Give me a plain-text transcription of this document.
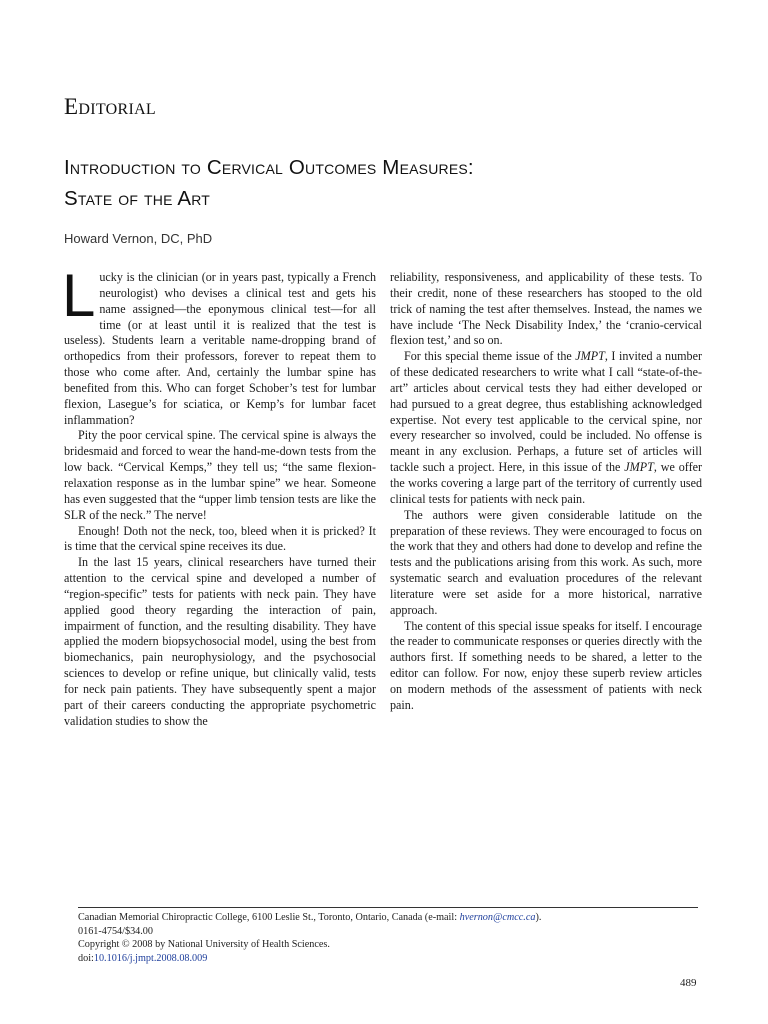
Editorial
Introduction to Cervical Outcomes Measures:
State of the Art
Howard Vernon, DC, PhD

Lucky is the clinician (or in years past, typically a French neurologist) who devises a clinical test and gets his name assigned—the eponymous clinical test—for all time (or at least until it is realized that the test is useless). Students learn a veritable name-dropping brand of orthopedics from their professors, forever to repeat them to those who come after. And, certainly the lumbar spine has benefited from this. Who can forget Schober’s test for lumbar flexion, Lasegue’s for sciatica, or Kemp’s for lumbar facet inflammation?

Pity the poor cervical spine. The cervical spine is always the bridesmaid and forced to wear the hand-me-down tests from the low back. “Cervical Kemps,” they tell us; “the same flexion-relaxation response as in the lumbar spine” we hear. Someone has even suggested that the “upper limb tension tests are like the SLR of the neck.” The nerve!

Enough! Doth not the neck, too, bleed when it is pricked? It is time that the cervical spine receives its due.

In the last 15 years, clinical researchers have turned their attention to the cervical spine and developed a number of “region-specific” tests for patients with neck pain. They have applied good theory regarding the interaction of pain, impairment of function, and the resulting disability. They have applied the modern biopsychosocial model, using the best from biomechanics, pain neurophysiology, and the psychosocial sciences to develop or refine unique, but clinically valid, tests for neck pain patients. They have subsequently spent a major part of their careers conducting the appropriate psychometric validation studies to show the

reliability, responsiveness, and applicability of these tests. To their credit, none of these researchers has stooped to the old trick of naming the test after themselves. Instead, the names we have include ‘The Neck Disability Index,’ the ‘cranio-cervical flexion test,’ and so on.

For this special theme issue of the JMPT, I invited a number of these dedicated researchers to write what I call “state-of-the-art” articles about cervical tests they had either developed or had pursued to a great degree, thus establishing acknowledged expertise. Not every test applicable to the cervical spine, nor every researcher so involved, could be included. No offense is meant in any exclusion. Perhaps, a future set of articles will tackle such a project. Here, in this issue of the JMPT, we offer the works covering a large part of the territory of currently used clinical tests for patients with neck pain.

The authors were given considerable latitude on the preparation of these reviews. They were encouraged to focus on the work that they and others had done to develop and refine the tests and the publications arising from this work. As such, more systematic search and evaluation procedures of the relevant literature were set aside for a more historical, narrative approach.

The content of this special issue speaks for itself. I encourage the reader to communicate responses or queries directly with the authors first. If something needs to be shared, a letter to the editor can follow. For now, enjoy these superb review articles on modern methods of the assessment of patients with neck pain.

Canadian Memorial Chiropractic College, 6100 Leslie St., Toronto, Ontario, Canada (e-mail: hvernon@cmcc.ca).
0161-4754/$34.00
Copyright © 2008 by National University of Health Sciences.
doi:10.1016/j.jmpt.2008.08.009
489
